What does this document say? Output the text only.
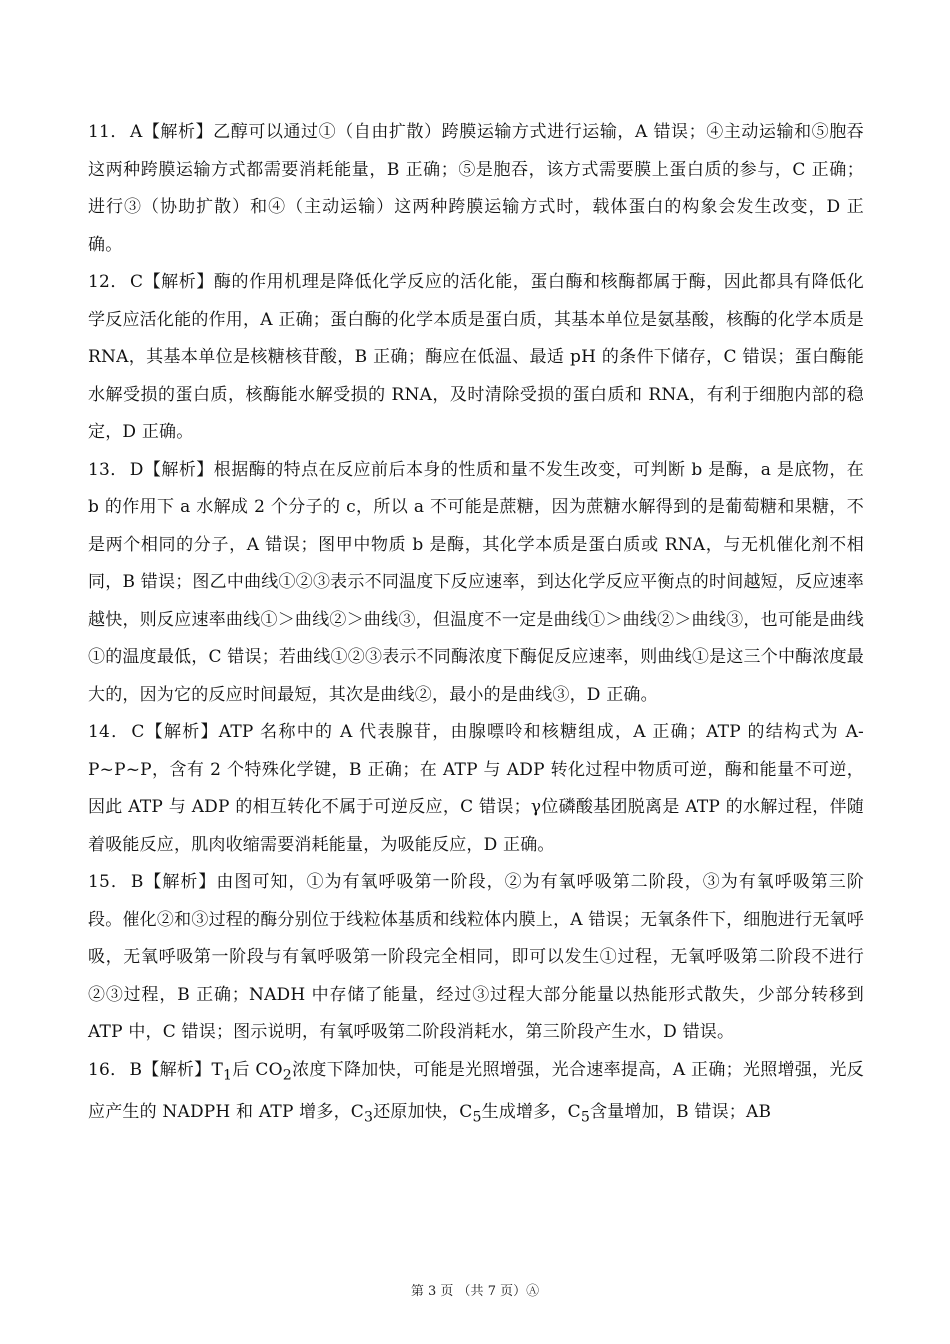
11． A【解析】乙醇可以通过①（自由扩散）跨膜运输方式进行运输，A 错误；④主动运输和⑤胞吞这两种跨膜运输方式都需要消耗能量，B 正确；⑤是胞吞，该方式需要膜上蛋白质的参与，C 正确；进行③（协助扩散）和④（主动运输）这两种跨膜运输方式时，载体蛋白的构象会发生改变，D 正确。

12． C【解析】酶的作用机理是降低化学反应的活化能，蛋白酶和核酶都属于酶，因此都具有降低化学反应活化能的作用，A 正确；蛋白酶的化学本质是蛋白质，其基本单位是氨基酸，核酶的化学本质是 RNA，其基本单位是核糖核苷酸，B 正确；酶应在低温、最适 pH 的条件下储存，C 错误；蛋白酶能水解受损的蛋白质，核酶能水解受损的 RNA，及时清除受损的蛋白质和 RNA，有利于细胞内部的稳定，D 正确。

13． D【解析】根据酶的特点在反应前后本身的性质和量不发生改变，可判断 b 是酶，a 是底物，在 b 的作用下 a 水解成 2 个分子的 c，所以 a 不可能是蔗糖，因为蔗糖水解得到的是葡萄糖和果糖，不是两个相同的分子，A 错误；图甲中物质 b 是酶，其化学本质是蛋白质或 RNA，与无机催化剂不相同，B 错误；图乙中曲线①②③表示不同温度下反应速率，到达化学反应平衡点的时间越短，反应速率越快，则反应速率曲线①＞曲线②＞曲线③，但温度不一定是曲线①＞曲线②＞曲线③，也可能是曲线①的温度最低，C 错误；若曲线①②③表示不同酶浓度下酶促反应速率，则曲线①是这三个中酶浓度最大的，因为它的反应时间最短，其次是曲线②，最小的是曲线③，D 正确。

14． C【解析】ATP 名称中的 A 代表腺苷，由腺嘌呤和核糖组成，A 正确；ATP 的结构式为 A-P~P~P，含有 2 个特殊化学键，B 正确；在 ATP 与 ADP 转化过程中物质可逆，酶和能量不可逆，因此 ATP 与 ADP 的相互转化不属于可逆反应，C 错误；γ位磷酸基团脱离是 ATP 的水解过程，伴随着吸能反应，肌肉收缩需要消耗能量，为吸能反应，D 正确。

15． B【解析】由图可知，①为有氧呼吸第一阶段，②为有氧呼吸第二阶段，③为有氧呼吸第三阶段。催化②和③过程的酶分别位于线粒体基质和线粒体内膜上，A 错误；无氧条件下，细胞进行无氧呼吸，无氧呼吸第一阶段与有氧呼吸第一阶段完全相同，即可以发生①过程，无氧呼吸第二阶段不进行②③过程，B 正确；NADH 中存储了能量，经过③过程大部分能量以热能形式散失，少部分转移到 ATP 中，C 错误；图示说明，有氧呼吸第二阶段消耗水，第三阶段产生水，D 错误。

16． B【解析】$T_1$后 $CO_2$浓度下降加快，可能是光照增强，光合速率提高，A 正确；光照增强，光反应产生的 NADPH 和 ATP 增多，$C_3$还原加快，$C_5$生成增多，$C_5$含量增加，B 错误；AB

第 3 页 （共 7 页）Ⓐ
